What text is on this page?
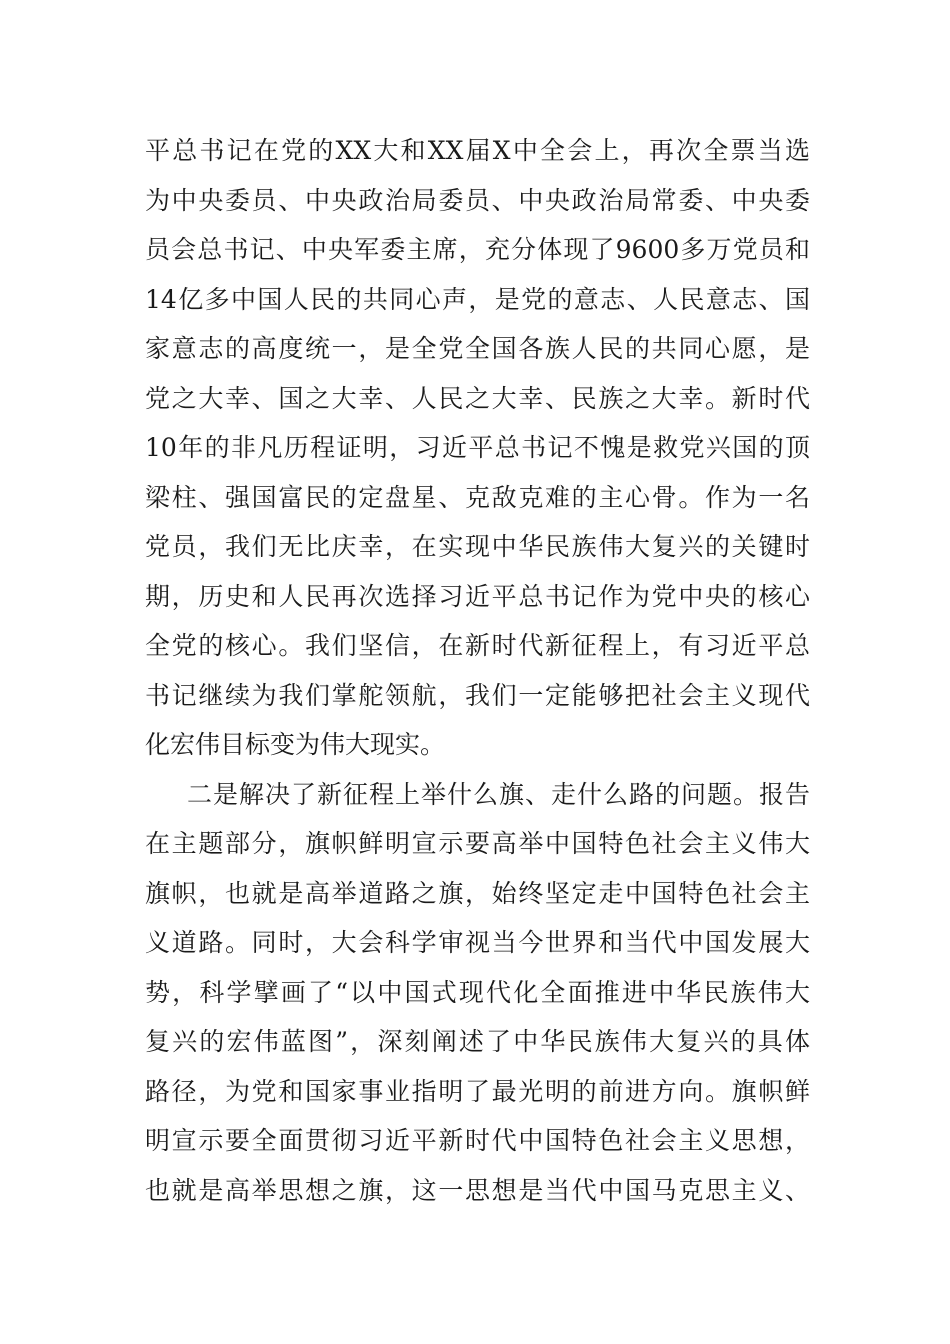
平总书记在党的XX大和XX届X中全会上，再次全票当选
为中央委员、中央政治局委员、中央政治局常委、中央委
员会总书记、中央军委主席，充分体现了9600多万党员和
14亿多中国人民的共同心声，是党的意志、人民意志、国
家意志的高度统一，是全党全国各族人民的共同心愿，是
党之大幸、国之大幸、人民之大幸、民族之大幸。新时代
10年的非凡历程证明，习近平总书记不愧是救党兴国的顶
梁柱、强国富民的定盘星、克敌克难的主心骨。作为一名
党员，我们无比庆幸，在实现中华民族伟大复兴的关键时
期，历史和人民再次选择习近平总书记作为党中央的核心
全党的核心。我们坚信，在新时代新征程上，有习近平总
书记继续为我们掌舵领航，我们一定能够把社会主义现代
化宏伟目标变为伟大现实。
二是解决了新征程上举什么旗、走什么路的问题。报告
在主题部分，旗帜鲜明宣示要高举中国特色社会主义伟大
旗帜，也就是高举道路之旗，始终坚定走中国特色社会主
义道路。同时，大会科学审视当今世界和当代中国发展大
势，科学擘画了“以中国式现代化全面推进中华民族伟大
复兴的宏伟蓝图”，深刻阐述了中华民族伟大复兴的具体
路径，为党和国家事业指明了最光明的前进方向。旗帜鲜
明宣示要全面贯彻习近平新时代中国特色社会主义思想，
也就是高举思想之旗，这一思想是当代中国马克思主义、
